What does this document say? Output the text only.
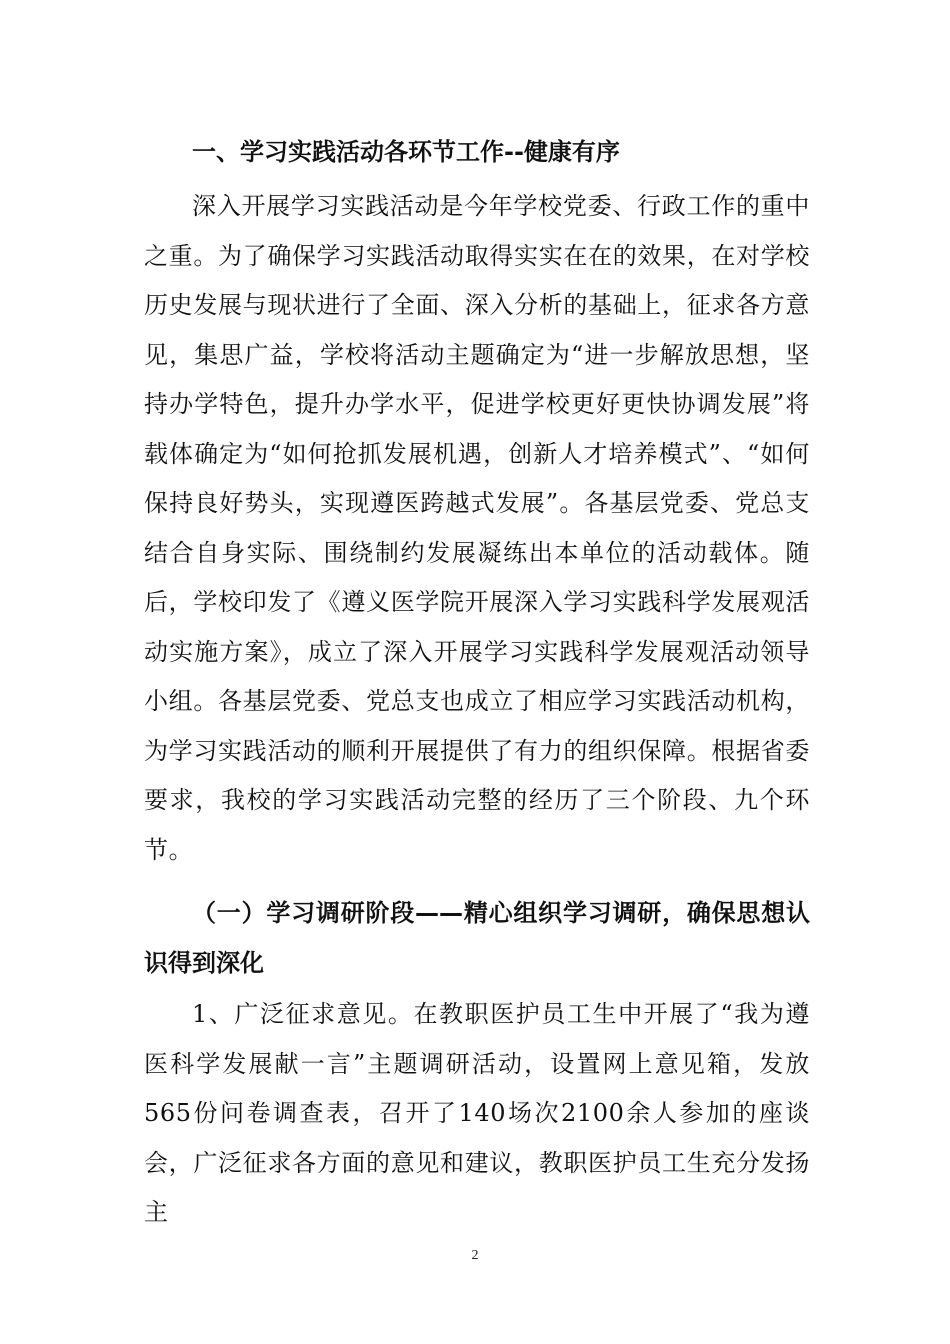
一、学习实践活动各环节工作--健康有序

深入开展学习实践活动是今年学校党委、行政工作的重中之重。为了确保学习实践活动取得实实在在的效果，在对学校历史发展与现状进行了全面、深入分析的基础上，征求各方意见，集思广益，学校将活动主题确定为“进一步解放思想，坚持办学特色，提升办学水平，促进学校更好更快协调发展”将载体确定为“如何抢抓发展机遇，创新人才培养模式”、“如何保持良好势头，实现遵医跨越式发展”。各基层党委、党总支结合自身实际、围绕制约发展凝练出本单位的活动载体。随后，学校印发了《遵义医学院开展深入学习实践科学发展观活动实施方案》，成立了深入开展学习实践科学发展观活动领导小组。各基层党委、党总支也成立了相应学习实践活动机构，为学习实践活动的顺利开展提供了有力的组织保障。根据省委要求，我校的学习实践活动完整的经历了三个阶段、九个环节。

（一）学习调研阶段——精心组织学习调研，确保思想认识得到深化

1、广泛征求意见。在教职医护员工生中开展了“我为遵医科学发展献一言”主题调研活动，设置网上意见箱，发放565份问卷调查表，召开了140场次2100余人参加的座谈会，广泛征求各方面的意见和建议，教职医护员工生充分发扬主

2
